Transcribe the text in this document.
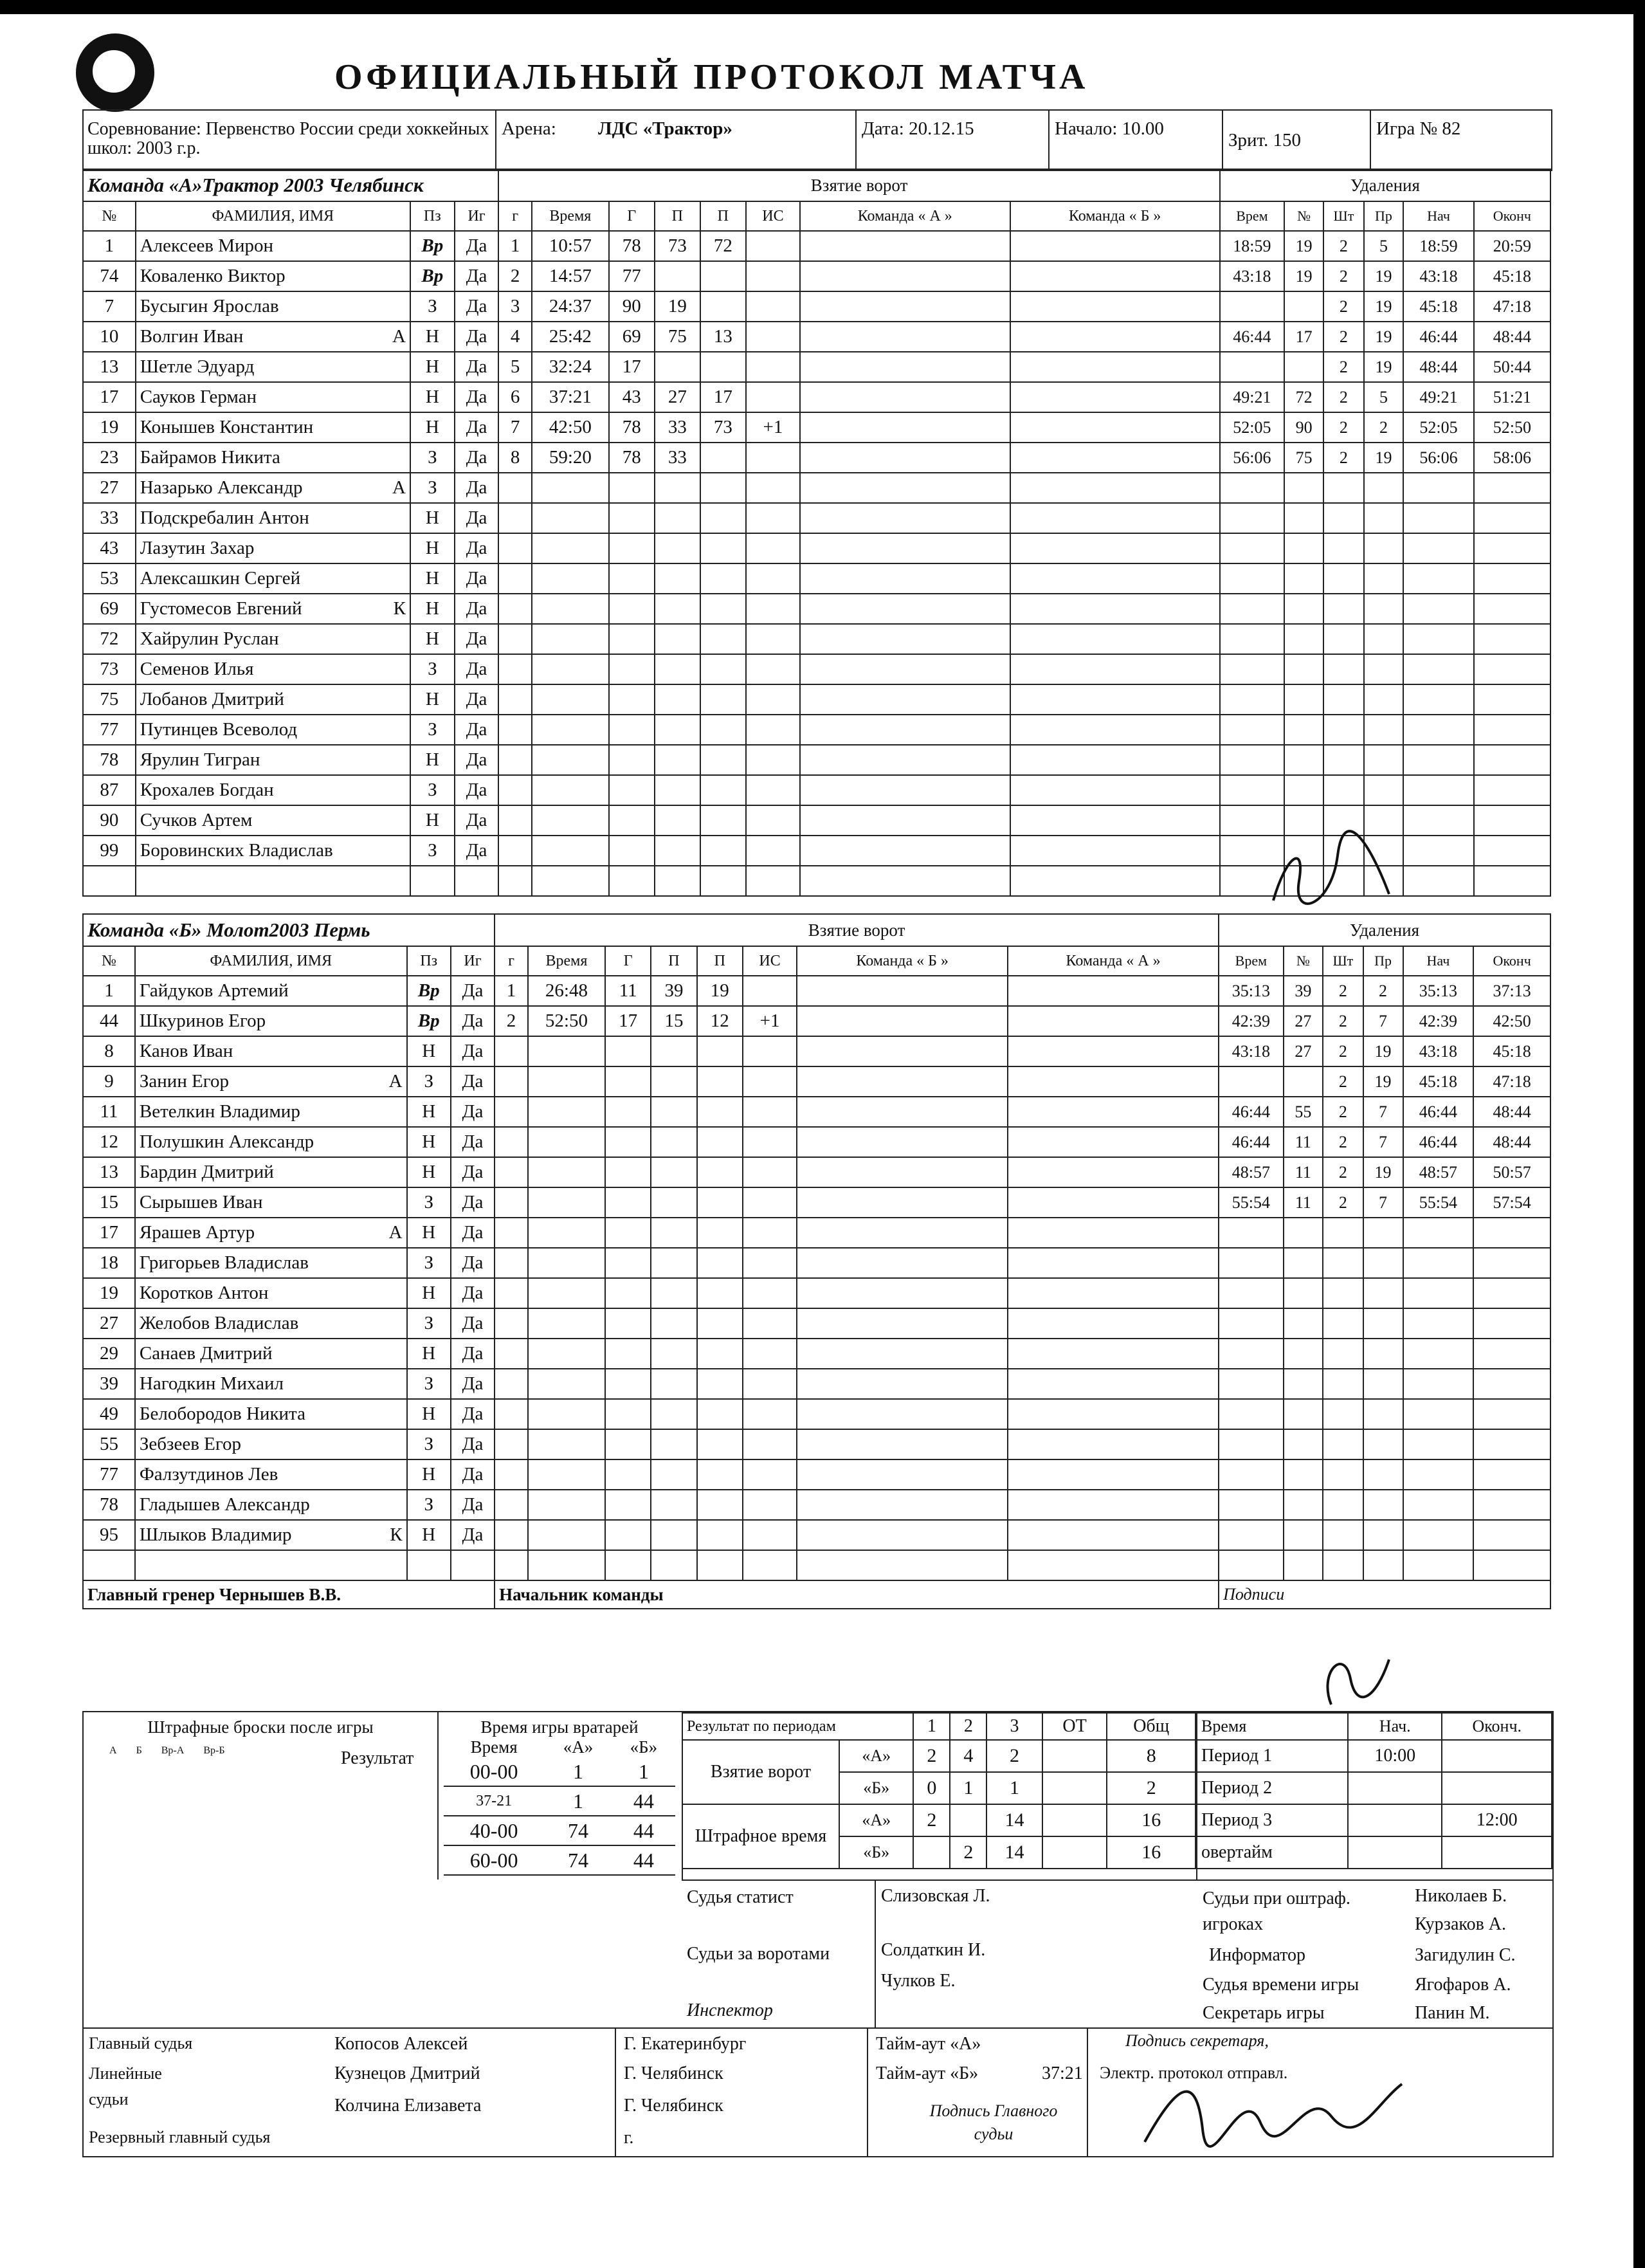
ОФИЦИАЛЬНЫЙ ПРОТОКОЛ МАТЧА
Соревнование: Первенство России среди хоккейных школ: 2003 г.р.
Арена: ЛДС «Трактор»	Дата: 20.12.15	Начало: 10.00
Зрит. 150
Игра № 82
Команда «А»Трактор 2003 Челябинск				Взятие ворот								Удаления					
№	ФАМИЛИЯ, ИМЯ	Пз	Иг	г	Время	Г	П	П	ИС	Команда « А »	Команда « Б »	Врем	№	Шт	Пр	Нач	Оконч
1	Алексеев Мирон	Вр	Да	1	10:57	78	73	72				18:59	19	2	5	18:59	20:59
74	Коваленко Виктор	Вр	Да	2	14:57	77						43:18	19	2	19	43:18	45:18
7	Бусыгин Ярослав	З	Да	3	24:37	90	19							2	19	45:18	47:18
10	Волгин Иван А	Н	Да	4	25:42	69	75	13				46:44	17	2	19	46:44	48:44
13	Шетле Эдуард	Н	Да	5	32:24	17								2	19	48:44	50:44
17	Сауков Герман	Н	Да	6	37:21	43	27	17				49:21	72	2	5	49:21	51:21
19	Конышев Константин	Н	Да	7	42:50	78	33	73	+1			52:05	90	2	2	52:05	52:50
23	Байрамов Никита	З	Да	8	59:20	78	33					56:06	75	2	19	56:06	58:06
27	Назарько Александр А	З	Да														
33	Подскребалин Антон	Н	Да														
43	Лазутин Захар	Н	Да														
53	Алексашкин Сергей	Н	Да														
69	Густомесов Евгений К	Н	Да														
72	Хайрулин Руслан	Н	Да														
73	Семенов Илья	З	Да														
75	Лобанов Дмитрий	Н	Да														
77	Путинцев Всеволод	З	Да														
78	Ярулин Тигран	Н	Да														
87	Крохалев Богдан	З	Да														
90	Сучков Артем	Н	Да														
99	Боровинских Владислав	З	Да														

Команда «Б» Молот2003 Пермь				Взятие ворот								Удаления					
№	ФАМИЛИЯ, ИМЯ	Пз	Иг	г	Время	Г	П	П	ИС	Команда « Б »	Команда « А »	Врем	№	Шт	Пр	Нач	Оконч
1	Гайдуков Артемий	Вр	Да	1	26:48	11	39	19				35:13	39	2	2	35:13	37:13
44	Шкуринов Егор	Вр	Да	2	52:50	17	15	12	+1			42:39	27	2	7	42:39	42:50
8	Канов Иван	Н	Да									43:18	27	2	19	43:18	45:18
9	Занин Егор А	З	Да											2	19	45:18	47:18
11	Ветелкин Владимир	Н	Да									46:44	55	2	7	46:44	48:44
12	Полушкин Александр	Н	Да									46:44	11	2	7	46:44	48:44
13	Бардин Дмитрий	Н	Да									48:57	11	2	19	48:57	50:57
15	Сырышев Иван	З	Да									55:54	11	2	7	55:54	57:54
17	Ярашев Артур А	Н	Да														
18	Григорьев Владислав	З	Да														
19	Коротков Антон	Н	Да														
27	Желобов Владислав	З	Да														
29	Санаев Дмитрий	Н	Да														
39	Нагодкин Михаил	З	Да														
49	Белобородов Никита	Н	Да														
55	Зебзеев Егор	З	Да														
77	Фалзутдинов Лев	Н	Да														
78	Гладышев Александр	З	Да														
95	Шлыков Владимир К	Н	Да														

Главный гренер Чернышев В.В.				Начальник команды								Подписи					
Штрафные броски после игры
А Б Вр-А Вр-Б	Результат
Время игры вратарей
Время	«А»	«Б»
00-00	1	1
37-21	1	44
40-00	74	44
60-00	74	44
Результат по периодам		1	2	3	ОТ	Общ
Взятие ворот	«А»	2	4	2		8
	«Б»	0	1	1		2
Штрафное время	«А»	2		14		16
	«Б»		2	14		16
Время	Нач.	Оконч.
Период 1	10:00	
Период 2		
Период 3		12:00
овертайм		
Судья статист	Слизовская Л.
Судьи за воротами	Солдаткин И.
Чулков Е.
Инспектор
Судьи при оштраф. игроках
Николаев Б.
Курзаков А.
Информатор	Загидулин С.
Судья времени игры	Ягофаров А.
Секретарь игры	Панин М.
Главный судья	Копосов Алексей	Г. Екатеринбург
Линейные судьи
Кузнецов Дмитрий
Колчина Елизавета
Г. Челябинск
Г. Челябинск
Резервный главный судья	г.
Тайм-аут «А»
Тайм-аут «Б»	37:21
Подпись Главного судьи
Подпись секретаря,
Электр. протокол отправл.
